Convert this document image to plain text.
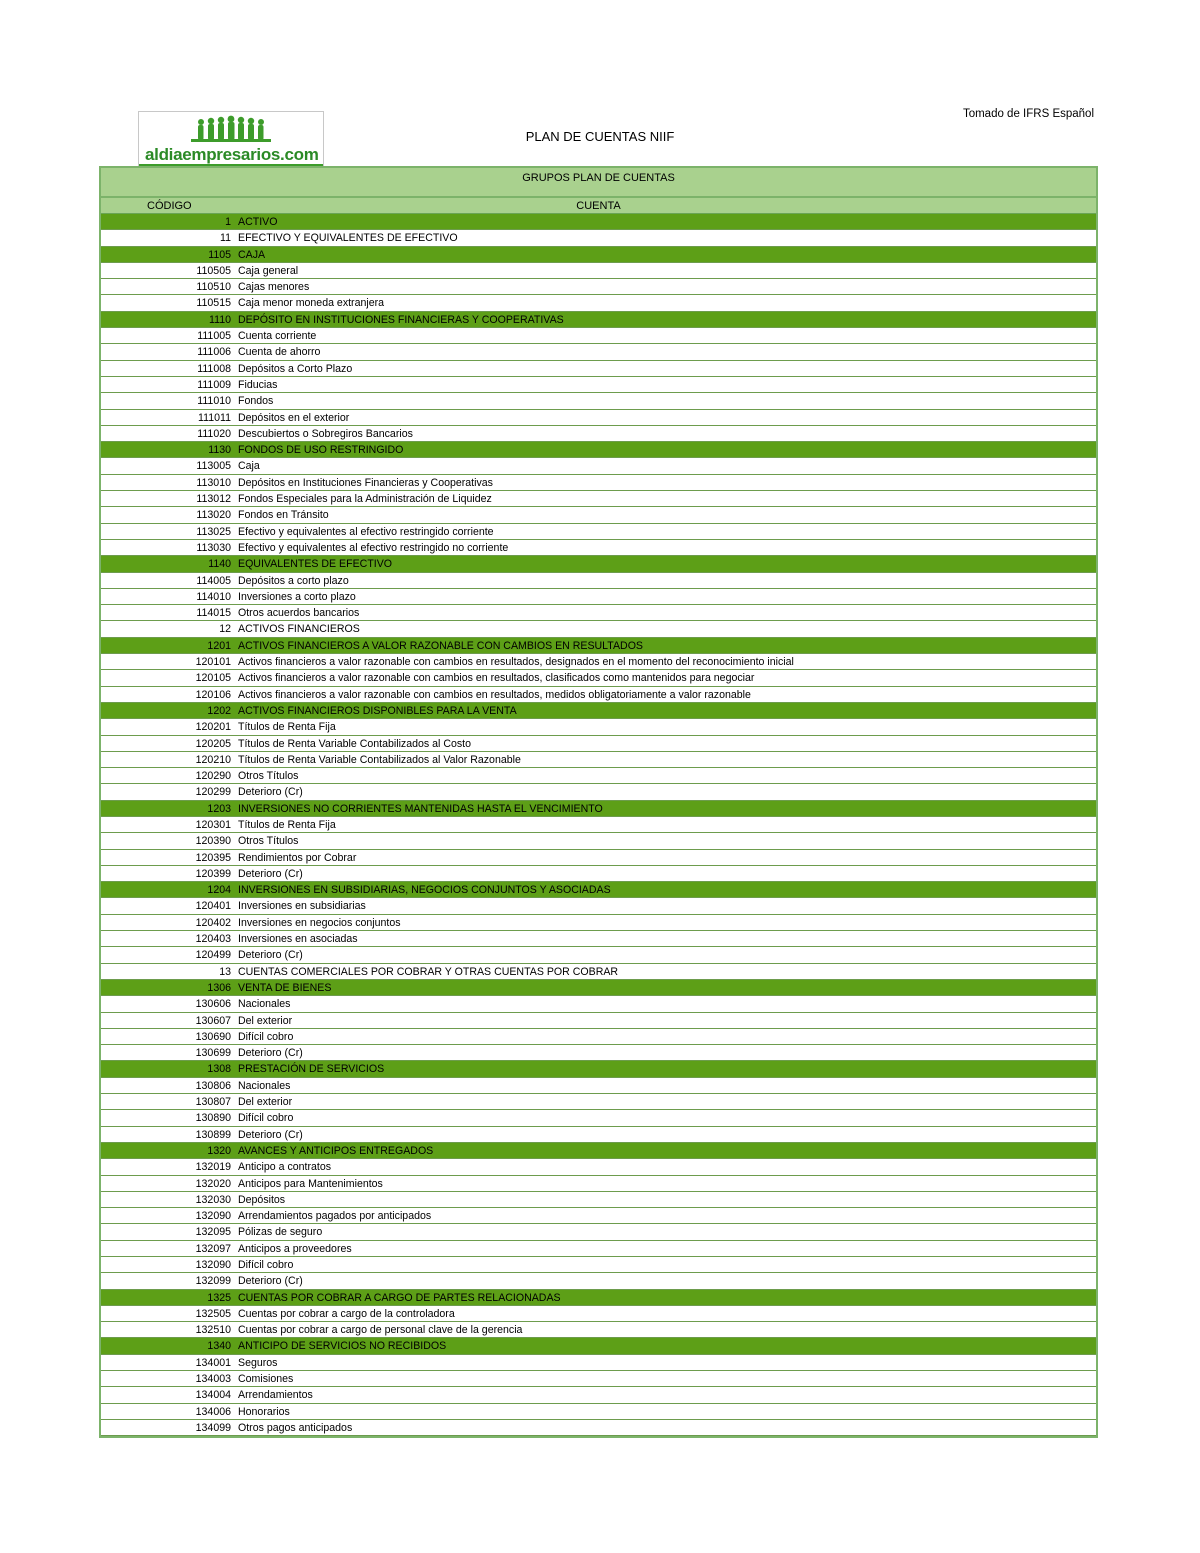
Tomado de IFRS Español
aldiaempresarios.com
PLAN DE CUENTAS NIIF
GRUPOS PLAN DE CUENTAS
CÓDIGO	CUENTA
1 ACTIVO
11 EFECTIVO Y EQUIVALENTES DE EFECTIVO
1105 CAJA
110505 Caja general
110510 Cajas menores
110515 Caja menor moneda extranjera
1110 DEPÓSITO EN INSTITUCIONES FINANCIERAS Y COOPERATIVAS
111005 Cuenta corriente
111006 Cuenta de ahorro
111008 Depósitos a Corto Plazo
111009 Fiducias
111010 Fondos
111011 Depósitos en el exterior
111020 Descubiertos o Sobregiros Bancarios
1130 FONDOS DE USO RESTRINGIDO
113005 Caja
113010 Depósitos en Instituciones Financieras y Cooperativas
113012 Fondos Especiales para la Administración de Liquidez
113020 Fondos en Tránsito
113025 Efectivo y equivalentes al efectivo restringido corriente
113030 Efectivo y equivalentes al efectivo restringido no corriente
1140 EQUIVALENTES DE EFECTIVO
114005 Depósitos a corto plazo
114010 Inversiones a corto plazo
114015 Otros acuerdos bancarios
12 ACTIVOS FINANCIEROS
1201 ACTIVOS FINANCIEROS A VALOR RAZONABLE CON CAMBIOS EN RESULTADOS
120101 Activos financieros a valor razonable con cambios en resultados, designados en el momento del reconocimiento inicial
120105 Activos financieros a valor razonable con cambios en resultados, clasificados como mantenidos para negociar
120106 Activos financieros a valor razonable con cambios en resultados, medidos obligatoriamente a valor razonable
1202 ACTIVOS FINANCIEROS DISPONIBLES PARA LA VENTA
120201 Títulos de Renta Fija
120205 Títulos de Renta Variable Contabilizados al Costo
120210 Títulos de Renta Variable Contabilizados al Valor Razonable
120290 Otros Títulos
120299 Deterioro (Cr)
1203 INVERSIONES NO CORRIENTES MANTENIDAS HASTA EL VENCIMIENTO
120301 Títulos de Renta Fija
120390 Otros Títulos
120395 Rendimientos por Cobrar
120399 Deterioro (Cr)
1204 INVERSIONES EN SUBSIDIARIAS, NEGOCIOS CONJUNTOS Y ASOCIADAS
120401 Inversiones en subsidiarias
120402 Inversiones en negocios conjuntos
120403 Inversiones en asociadas
120499 Deterioro (Cr)
13 CUENTAS COMERCIALES POR COBRAR Y OTRAS CUENTAS POR COBRAR
1306 VENTA DE BIENES
130606 Nacionales
130607 Del exterior
130690 Difícil cobro
130699 Deterioro (Cr)
1308 PRESTACIÓN DE SERVICIOS
130806 Nacionales
130807 Del exterior
130890 Difícil cobro
130899 Deterioro (Cr)
1320 AVANCES Y ANTICIPOS ENTREGADOS
132019 Anticipo a contratos
132020 Anticipos para Mantenimientos
132030 Depósitos
132090 Arrendamientos pagados por anticipados
132095 Pólizas de seguro
132097 Anticipos a proveedores
132090 Difícil cobro
132099 Deterioro (Cr)
1325 CUENTAS POR COBRAR A CARGO DE PARTES RELACIONADAS
132505 Cuentas por cobrar a cargo de la controladora
132510 Cuentas por cobrar a cargo de personal clave de la gerencia
1340 ANTICIPO DE SERVICIOS NO RECIBIDOS
134001 Seguros
134003 Comisiones
134004 Arrendamientos
134006 Honorarios
134099 Otros pagos anticipados
